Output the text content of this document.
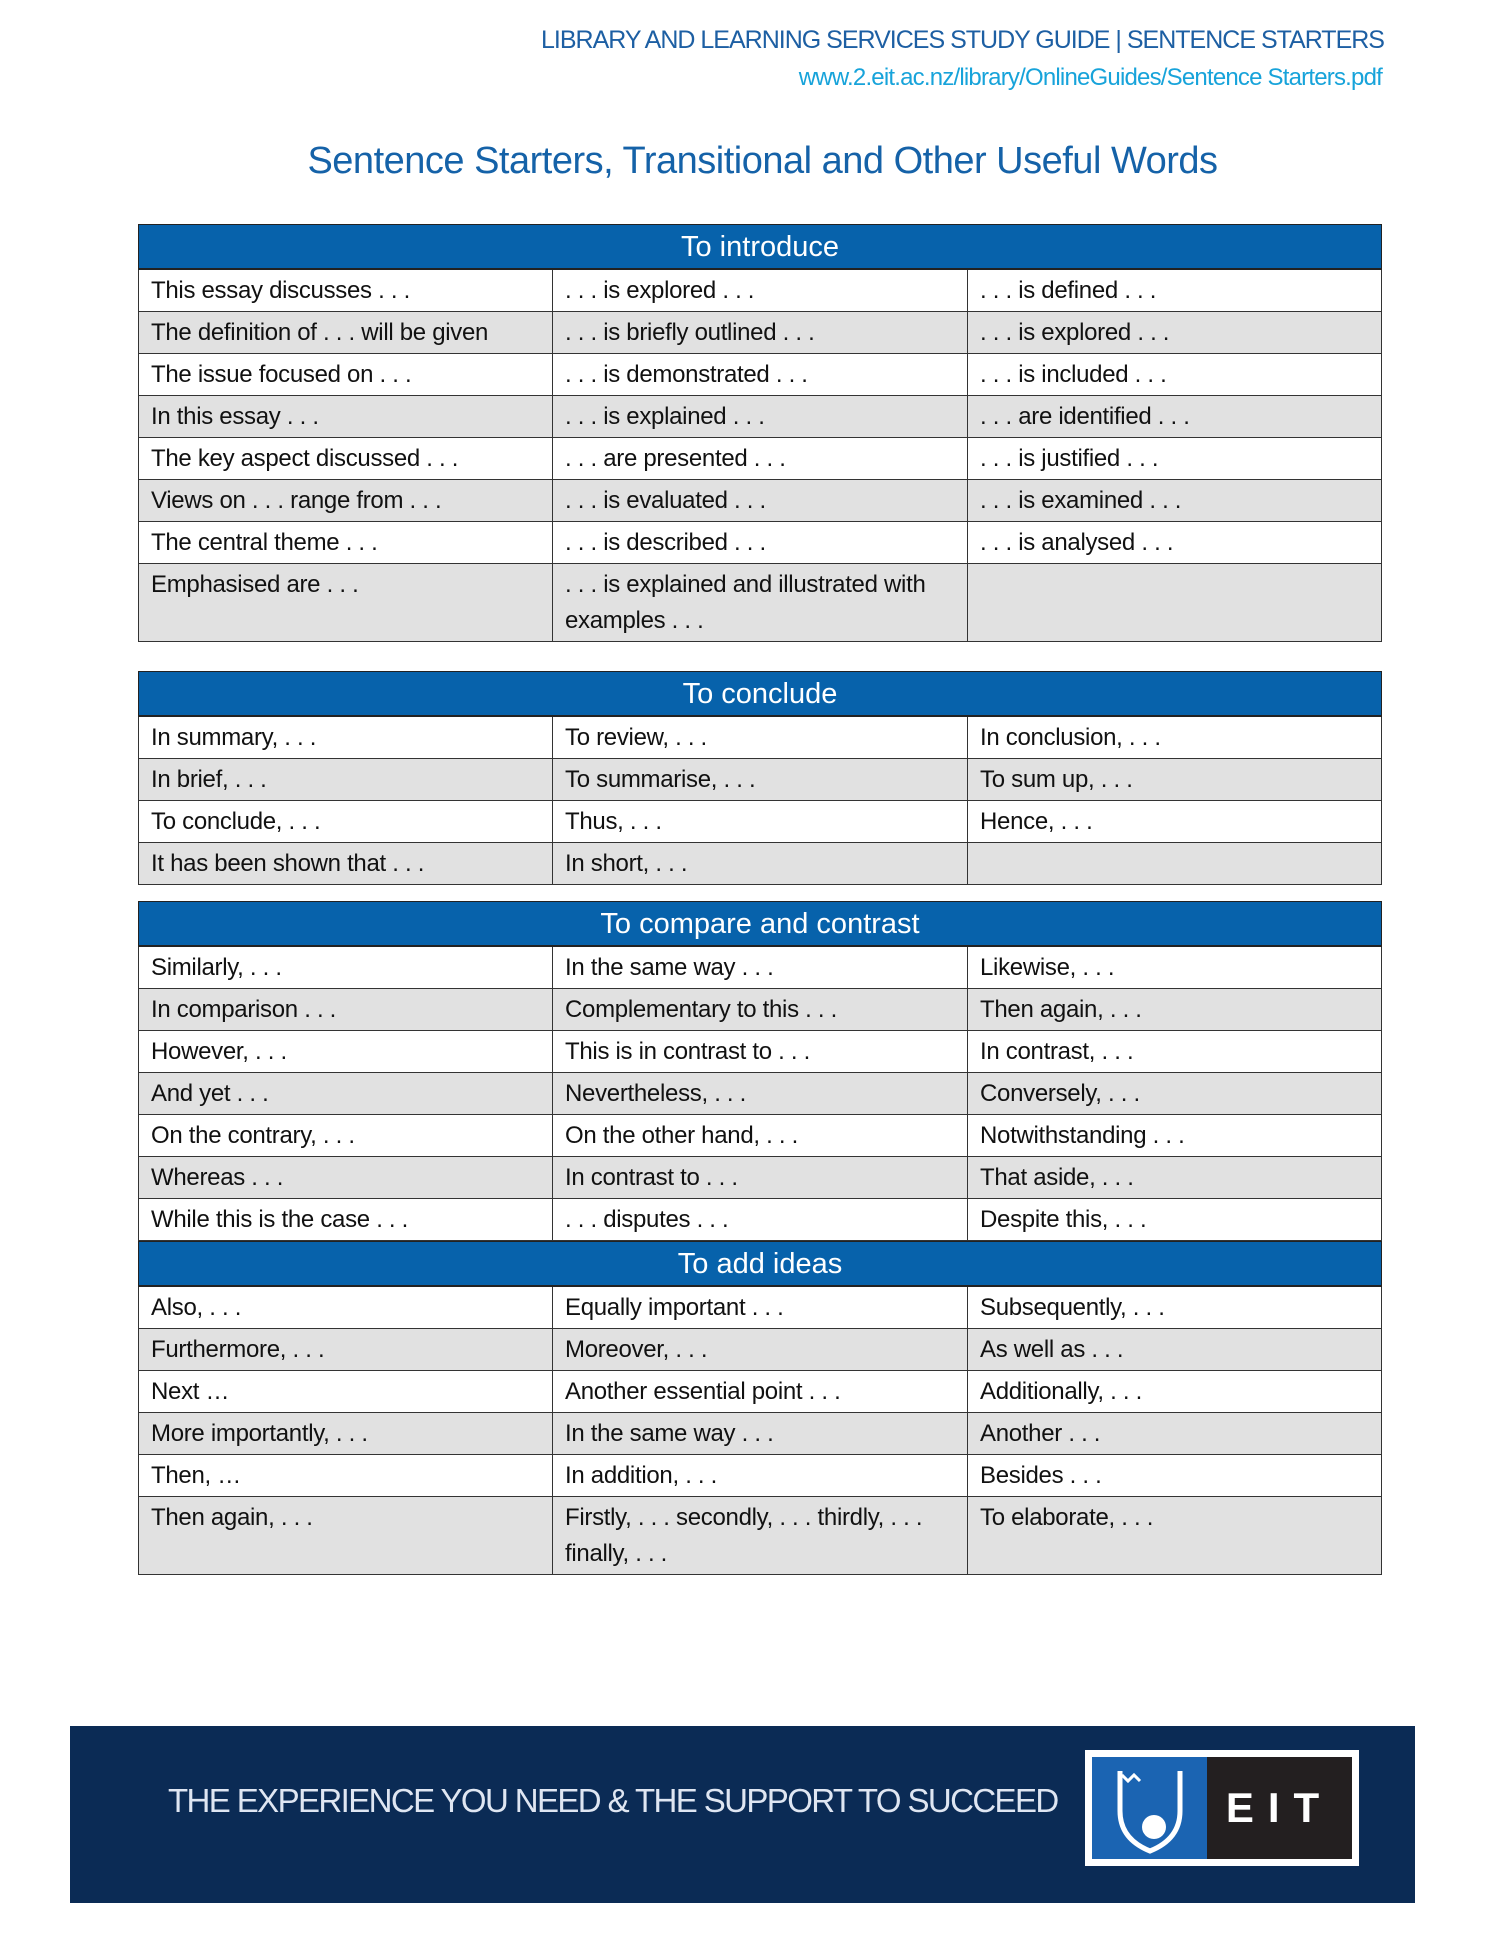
LIBRARY AND LEARNING SERVICES STUDY GUIDE | SENTENCE STARTERS
www.2.eit.ac.nz/library/OnlineGuides/Sentence Starters.pdf
Sentence Starters, Transitional and Other Useful Words
To introduce		
This essay discusses . . .	. . . is explored . . .	. . . is defined . . .
The definition of . . . will be given	. . . is briefly outlined . . .	. . . is explored . . .
The issue focused on . . .	. . . is demonstrated . . .	. . . is included . . .
In this essay . . .	. . . is explained . . .	. . . are identified . . .
The key aspect discussed . . .	. . . are presented . . .	. . . is justified . . .
Views on . . . range from . . .	. . . is evaluated . . .	. . . is examined . . .
The central theme . . .	. . . is described . . .	. . . is analysed . . .
Emphasised are . . .	. . . is explained and illustrated with examples . . .	
To conclude		
In summary, . . .	To review, . . .	In conclusion, . . .
In brief, . . .	To summarise, . . .	To sum up, . . .
To conclude, . . .	Thus, . . .	Hence, . . .
It has been shown that . . .	In short, . . .	
To compare and contrast		
Similarly, . . .	In the same way . . .	Likewise, . . .
In comparison . . .	Complementary to this . . .	Then again, . . .
However, . . .	This is in contrast to . . .	In contrast, . . .
And yet . . .	Nevertheless, . . .	Conversely, . . .
On the contrary, . . .	On the other hand, . . .	Notwithstanding . . .
Whereas . . .	In contrast to . . .	That aside, . . .
While this is the case . . .	. . . disputes . . .	Despite this, . . .
To add ideas		
Also, . . .	Equally important . . .	Subsequently, . . .
Furthermore, . . .	Moreover, . . .	As well as . . .
Next …	Another essential point . . .	Additionally, . . .
More importantly, . . .	In the same way . . .	Another . . .
Then, …	In addition, . . .	Besides . . .
Then again, . . .	Firstly, . . . secondly, . . . thirdly, . . . finally, . . .	To elaborate, . . .
THE EXPERIENCE YOU NEED & THE SUPPORT TO SUCCEED	EIT
